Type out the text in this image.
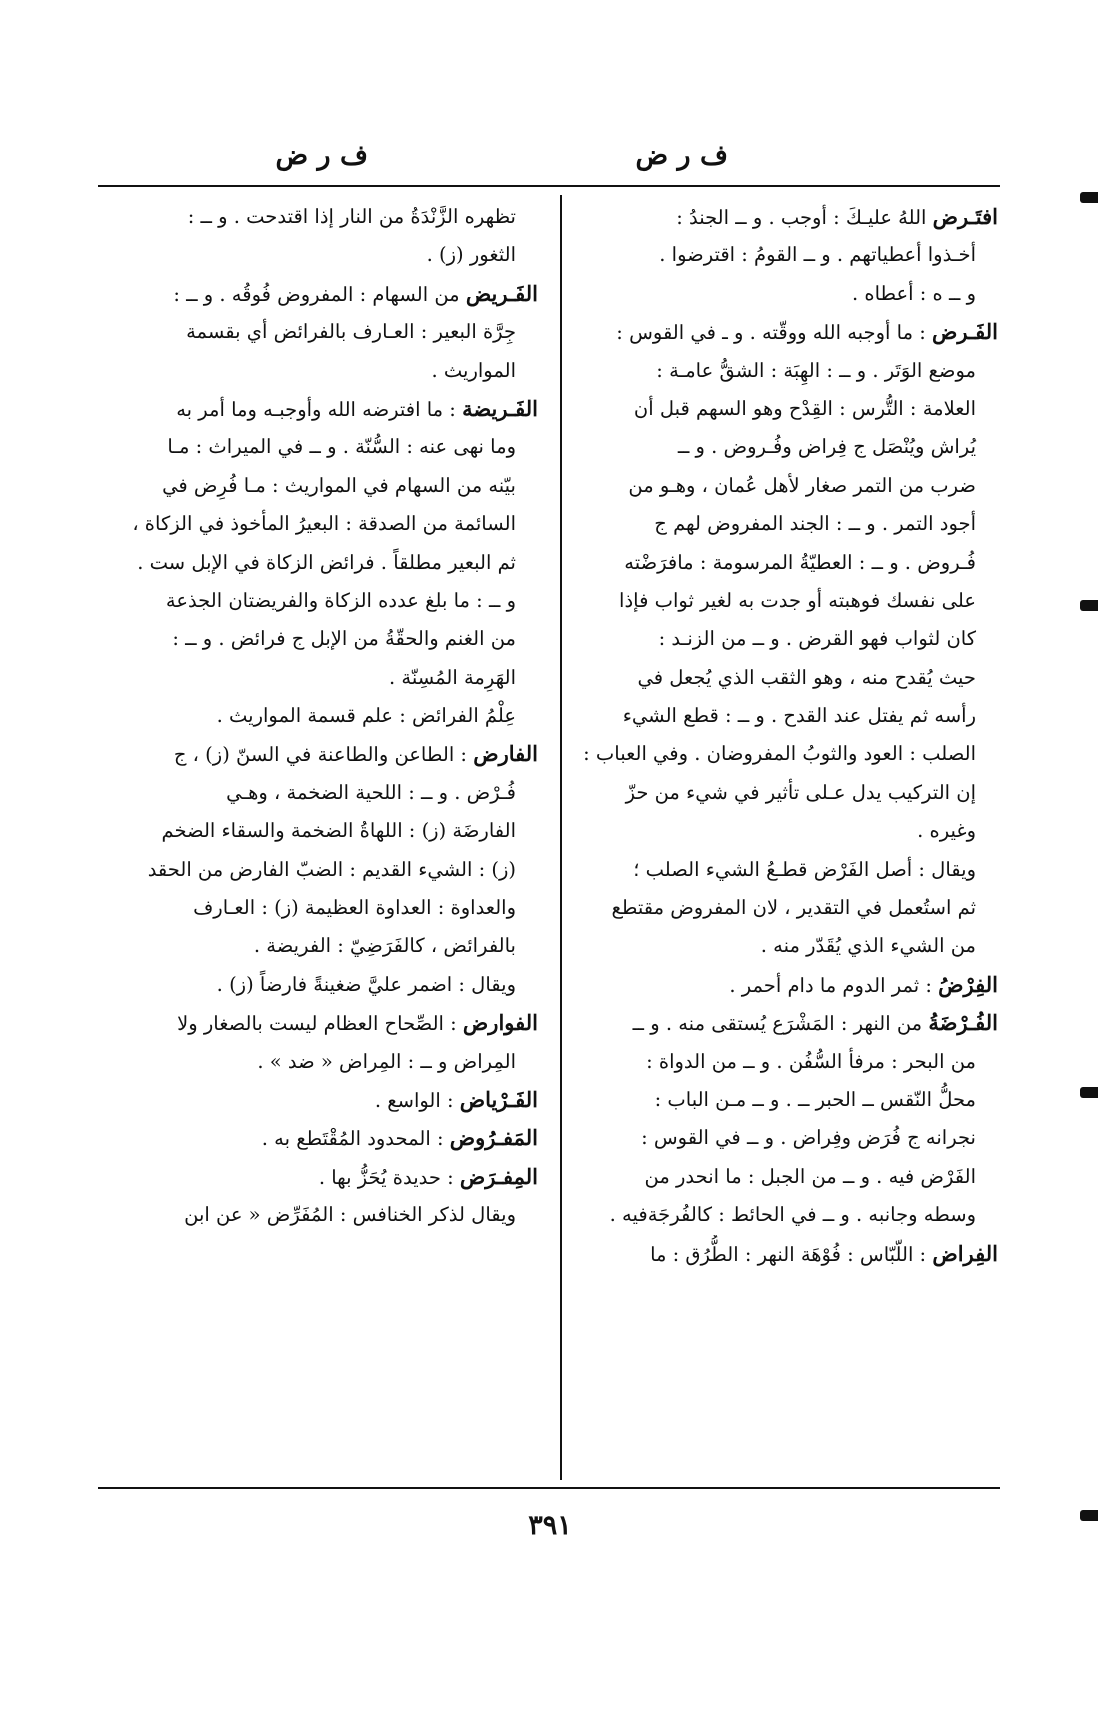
ف ر ض
ف ر ض
افتَـرض اللهُ عليـكَ : أوجب . و ــ الجندُ :
أخـذوا أعطياتهم . و ــ القومُ : اقترضوا .
و ــ ه : أعطاه .
الفَـرض : ما أوجبه الله ووقّته . و ـ في القوس :
موضع الوَتَر . و ــ : الهِبَة : الشقُّ عامـة :
العلامة : التُّرس : القِدْح وهو السهم قبل أن
يُراش ويُنْصَل ج فِراض وفُـروض . و ــ
ضرب من التمر صغار لأهل عُمان ، وهـو من
أجود التمر . و ــ : الجند المفروض لهم ج
فُـروض . و ــ : العطيّةُ المرسومة : مافرَضْته
على نفسك فوهبته أو جدت به لغير ثواب فإذا
كان لثواب فهو القرض . و ــ من الزنـد :
حيث يُقدح منه ، وهو الثقب الذي يُجعل في
رأسه ثم يفتل عند القدح . و ــ : قطع الشيء
الصلب : العود والثوبُ المفروضان . وفي العباب :
إن التركيب يدل عـلى تأثير في شيء من حزّ
وغيره .
ويقال : أصل الفَرْض قطـعُ الشيء الصلب ؛
ثم استُعمل في التقدير ، لان المفروض مقتطع
من الشيء الذي يُقَدّر منه .
الفِرْضُ : ثمر الدوم ما دام أحمر .
الفُـرْضَةُ من النهر : المَشْرَع يُستقى منه . و ــ
من البحر : مرفأ السُّفُن . و ــ من الدواة :
محلُّ النّقس ــ الحبر ــ . و ــ مـن الباب :
نجرانه ج فُرَض وفِراض . و ــ في القوس :
الفَرْض فيه . و ــ من الجبل : ما انحدر من
وسطه وجانبه . و ــ في الحائط : كالفُرجَةفيه .
الفِراض : اللّبّاس : فُوْهَة النهر : الطُّرُق : ما
تظهره الزَّنْدَةُ من النار إذا اقتدحت . و ــ :
الثغور (ز) .
الفَـريض من السهام : المفروض فُوقُه . و ــ :
جِرَّة البعير : العـارف بالفرائض أي بقسمة
المواريث .
الفَـريضة : ما افترضه الله وأوجبـه وما أمر به
وما نهى عنه : السُّنّة . و ــ في الميراث : مـا
بيّنه من السهام في المواريث : مـا فُرِض في
السائمة من الصدقة : البعيرُ المأخوذ في الزكاة ،
ثم البعير مطلقاً . فرائض الزكاة في الإبل ست .
و ــ : ما بلغ عدده الزكاة والفريضتان الجذعة
من الغنم والحقّةُ من الإبل ج فرائض . و ــ :
الهَرِمة المُسِنّة .
عِلْمُ الفرائض : علم قسمة المواريث .
الفارض : الطاعن والطاعنة في السنّ (ز) ، ج
فُـرْض . و ــ : اللحية الضخمة ، وهـي
الفارضَة (ز) : اللهاةُ الضخمة والسقاء الضخم
(ز) : الشيء القديم : الضبّ الفارض من الحقد
والعداوة : العداوة العظيمة (ز) : العـارف
بالفرائض ، كالفَرَضِيّ : الفريضة .
ويقال : اضمر عليَّ ضغينةً فارضاً (ز) .
الفوارض : الصِّحاح العظام ليست بالصغار ولا
المِراض و ــ : المِراض « ضد » .
الفَـرْياض : الواسع .
المَفـرُوض : المحدود المُقْتَطع به .
المِفـرَض : حديدة يُحَزُّ بها .
ويقال لذكر الخنافس : المُفَرِّض « عن ابن
٣٩١
